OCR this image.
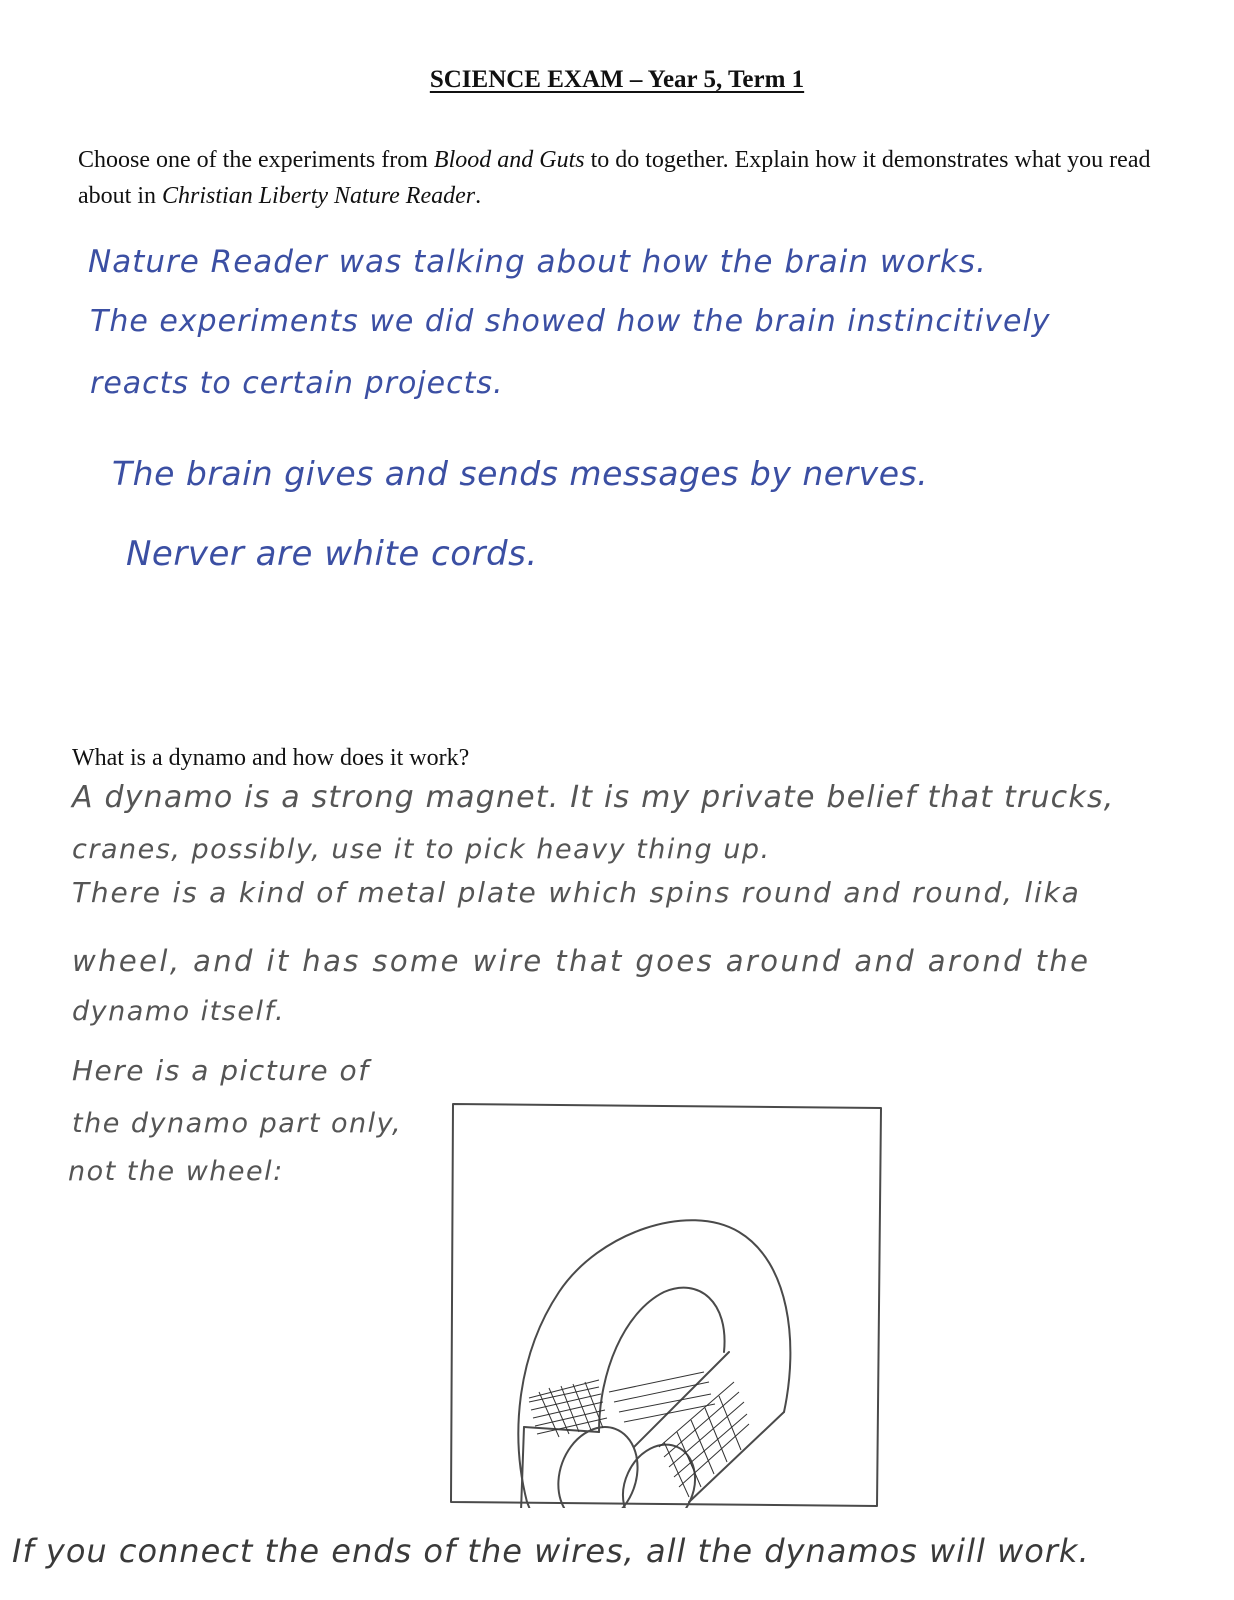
SCIENCE EXAM – Year 5, Term 1
Choose one of the experiments from Blood and Guts to do together. Explain how it demonstrates what you read about in Christian Liberty Nature Reader.
Nature Reader was talking about how the brain works.
The experiments we did showed how the brain instincitively
reacts to certain projects.
The brain gives and sends messages by nerves.
Nerver are white cords.
What is a dynamo and how does it work?
A dynamo is a strong magnet. It is my private belief that trucks,
cranes, possibly, use it to pick heavy thing up.
There is a kind of metal plate which spins round and round, lika
wheel, and it has some wire that goes around and arond the
dynamo itself.
Here is a picture of
the dynamo part only,
not the wheel:
If you connect the ends of the wires, all the dynamos will work.
